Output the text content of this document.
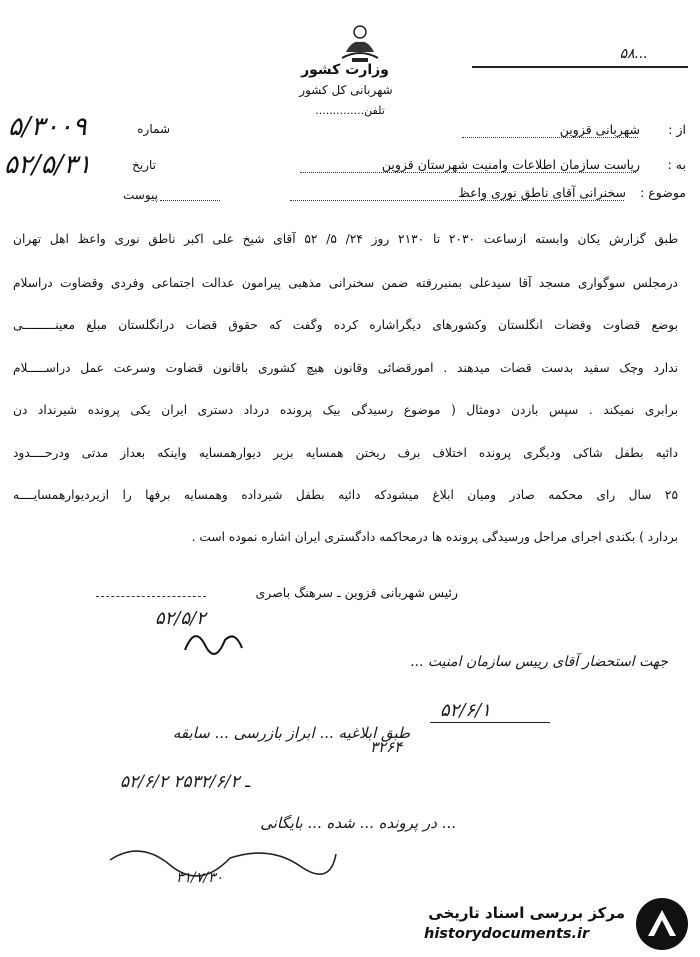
وزارت کشور
شهربانی کل کشور
تلفن..............
۵۸...
۵/۳۰۰۹	شماره
۵۲/۵/۳۱	تاریخ
پیوست
از :
شهربانی قزوین
به :
ریاست سازمان اطلاعات وامنیت شهرستان قزوین
موضوع :
سخنرانی آقای ناطق نوری واعظ
طبق گزارش یکان وابسته ازساعت ۲۰۳۰ تا ۲۱۳۰ روز ۲۴/ ۵/ ۵۲ آقای شیخ علی اکبر ناطق نوری واعظ اهل تهران
درمجلس سوگواری مسجد آقا سیدعلی بمنبررفته ضمن سخنرانی مذهبی پیرامون عدالت اجتماعی وفردی وقضاوت دراسلام
بوضع قضاوت وقضات انگلستان وکشورهای دیگراشاره کرده وگفت که حقوق قضات درانگلستان مبلغ معینـــــــــی
ندارد وچک سفید بدست قضات میدهند . امورقضائی وقانون هیچ کشوری باقانون قضاوت وسرعت عمل دراســـــلام
برابری نمیکند . سپس بازدن دومثال ( موضوع رسیدگی بیک پرونده درداد دستری ایران یکی پرونده شیرنداد دن
دائیه بطفل شاکی ودیگری پرونده اختلاف برف ریختن همسایه بزیر دیوارهمسایه واینکه بعداز مدتی ودرحــــدود
۲۵ سال رای محکمه صادر ومیان ابلاغ میشودکه دائیه بطفل شیرداده وهمسایه برفها را ازیردیوارهمسایــــه
بردارد ) بکندی اجرای مراحل ورسیدگی پرونده ها درمحاکمه دادگستری ایران اشاره نموده است .
رئیس شهربانی قزوین ـ سرهنگ باصری
۵۲/۵/۲
جهت استحضار آقای رییس سازمان امنیت ...
۵۲/۶/۱
طبق ابلاغیه ... ابراز بازرسی ... سابقه
۳۲۶۴
۵۲/۶/۲ ـ ۲۵۳۲/۶/۲
... در پرونده ... شده ... بایگانی
۳۱/۷/۳۰
مرکز بررسی اسناد تاریخی
historydocuments.ir
